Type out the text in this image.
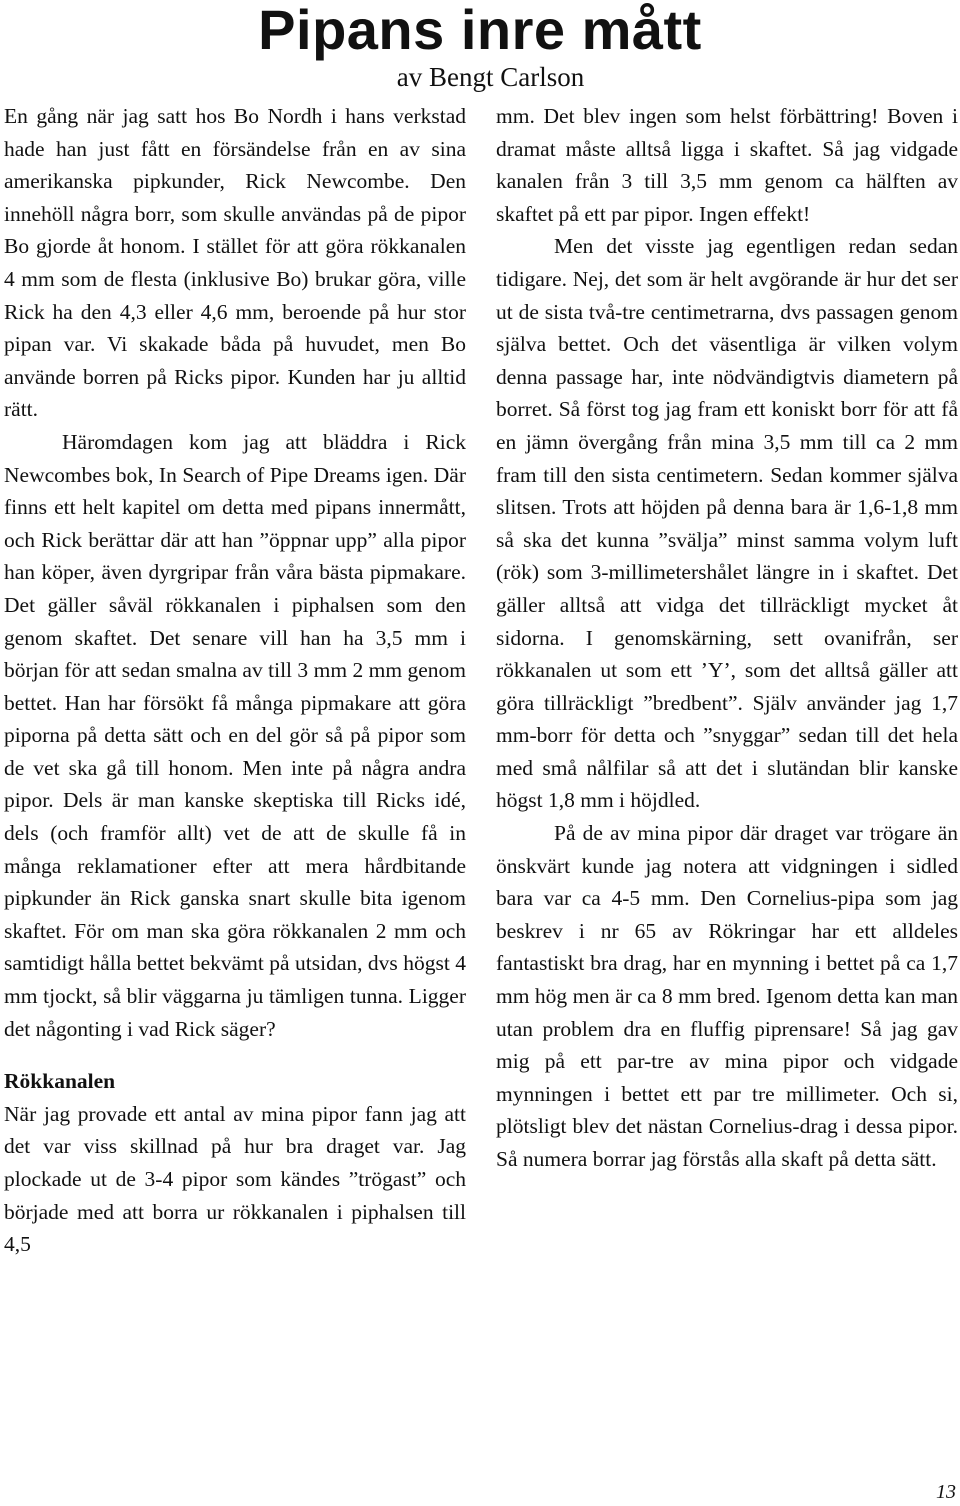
Pipans inre mått
av Bengt Carlson

En gång när jag satt hos Bo Nordh i hans verkstad hade han just fått en försändelse från en av sina amerikanska pipkunder, Rick Newcombe. Den innehöll några borr, som skulle användas på de pipor Bo gjorde åt honom. I stället för att göra rökkanalen 4 mm som de flesta (inklusive Bo) brukar göra, ville Rick ha den 4,3 eller 4,6 mm, beroende på hur stor pipan var. Vi skakade båda på huvudet, men Bo använde borren på Ricks pipor. Kunden har ju alltid rätt.

Häromdagen kom jag att bläddra i Rick Newcombes bok, In Search of Pipe Dreams igen. Där finns ett helt kapitel om detta med pipans innermått, och Rick berättar där att han ”öppnar upp” alla pipor han köper, även dyrgripar från våra bästa pipmakare. Det gäller såväl rökkanalen i piphalsen som den genom skaftet. Det senare vill han ha 3,5 mm i början för att sedan smalna av till 3 mm 2 mm genom bettet. Han har försökt få många pipmakare att göra piporna på detta sätt och en del gör så på pipor som de vet ska gå till honom. Men inte på några andra pipor. Dels är man kanske skeptiska till Ricks idé, dels (och framför allt) vet de att de skulle få in många reklamationer efter att mera hårdbitande pipkunder än Rick ganska snart skulle bita igenom skaftet. För om man ska göra rökkanalen 2 mm och samtidigt hålla bettet bekvämt på utsidan, dvs högst 4 mm tjockt, så blir väggarna ju tämligen tunna. Ligger det någonting i vad Rick säger?

Rökkanalen

När jag provade ett antal av mina pipor fann jag att det var viss skillnad på hur bra draget var. Jag plockade ut de 3-4 pipor som kändes ”trögast” och började med att borra ur rökkanalen i piphalsen till 4,5

mm. Det blev ingen som helst förbättring! Boven i dramat måste alltså ligga i skaftet. Så jag vidgade kanalen från 3 till 3,5 mm genom ca hälften av skaftet på ett par pipor. Ingen effekt!

Men det visste jag egentligen redan sedan tidigare. Nej, det som är helt avgörande är hur det ser ut de sista två-tre centimetrarna, dvs passagen genom själva bettet. Och det väsentliga är vilken volym denna passage har, inte nödvändigtvis diametern på borret. Så först tog jag fram ett koniskt borr för att få en jämn övergång från mina 3,5 mm till ca 2 mm fram till den sista centimetern. Sedan kommer själva slitsen. Trots att höjden på denna bara är 1,6-1,8 mm så ska det kunna ”svälja” minst samma volym luft (rök) som 3-millimetershålet längre in i skaftet. Det gäller alltså att vidga det tillräckligt mycket åt sidorna. I genomskärning, sett ovanifrån, ser rökkanalen ut som ett ’Y’, som det alltså gäller att göra tillräckligt ”bredbent”. Själv använder jag 1,7 mm-borr för detta och ”snyggar” sedan till det hela med små nålfilar så att det i slutändan blir kanske högst 1,8 mm i höjdled.

På de av mina pipor där draget var trögare än önskvärt kunde jag notera att vidgningen i sidled bara var ca 4-5 mm. Den Cornelius-pipa som jag beskrev i nr 65 av Rökringar har ett alldeles fantastiskt bra drag, har en mynning i bettet på ca 1,7 mm hög men är ca 8 mm bred. Igenom detta kan man utan problem dra en fluffig piprensare! Så jag gav mig på ett par-tre av mina pipor och vidgade mynningen i bettet ett par tre millimeter. Och si, plötsligt blev det nästan Cornelius-drag i dessa pipor. Så numera borrar jag förstås alla skaft på detta sätt.

13
